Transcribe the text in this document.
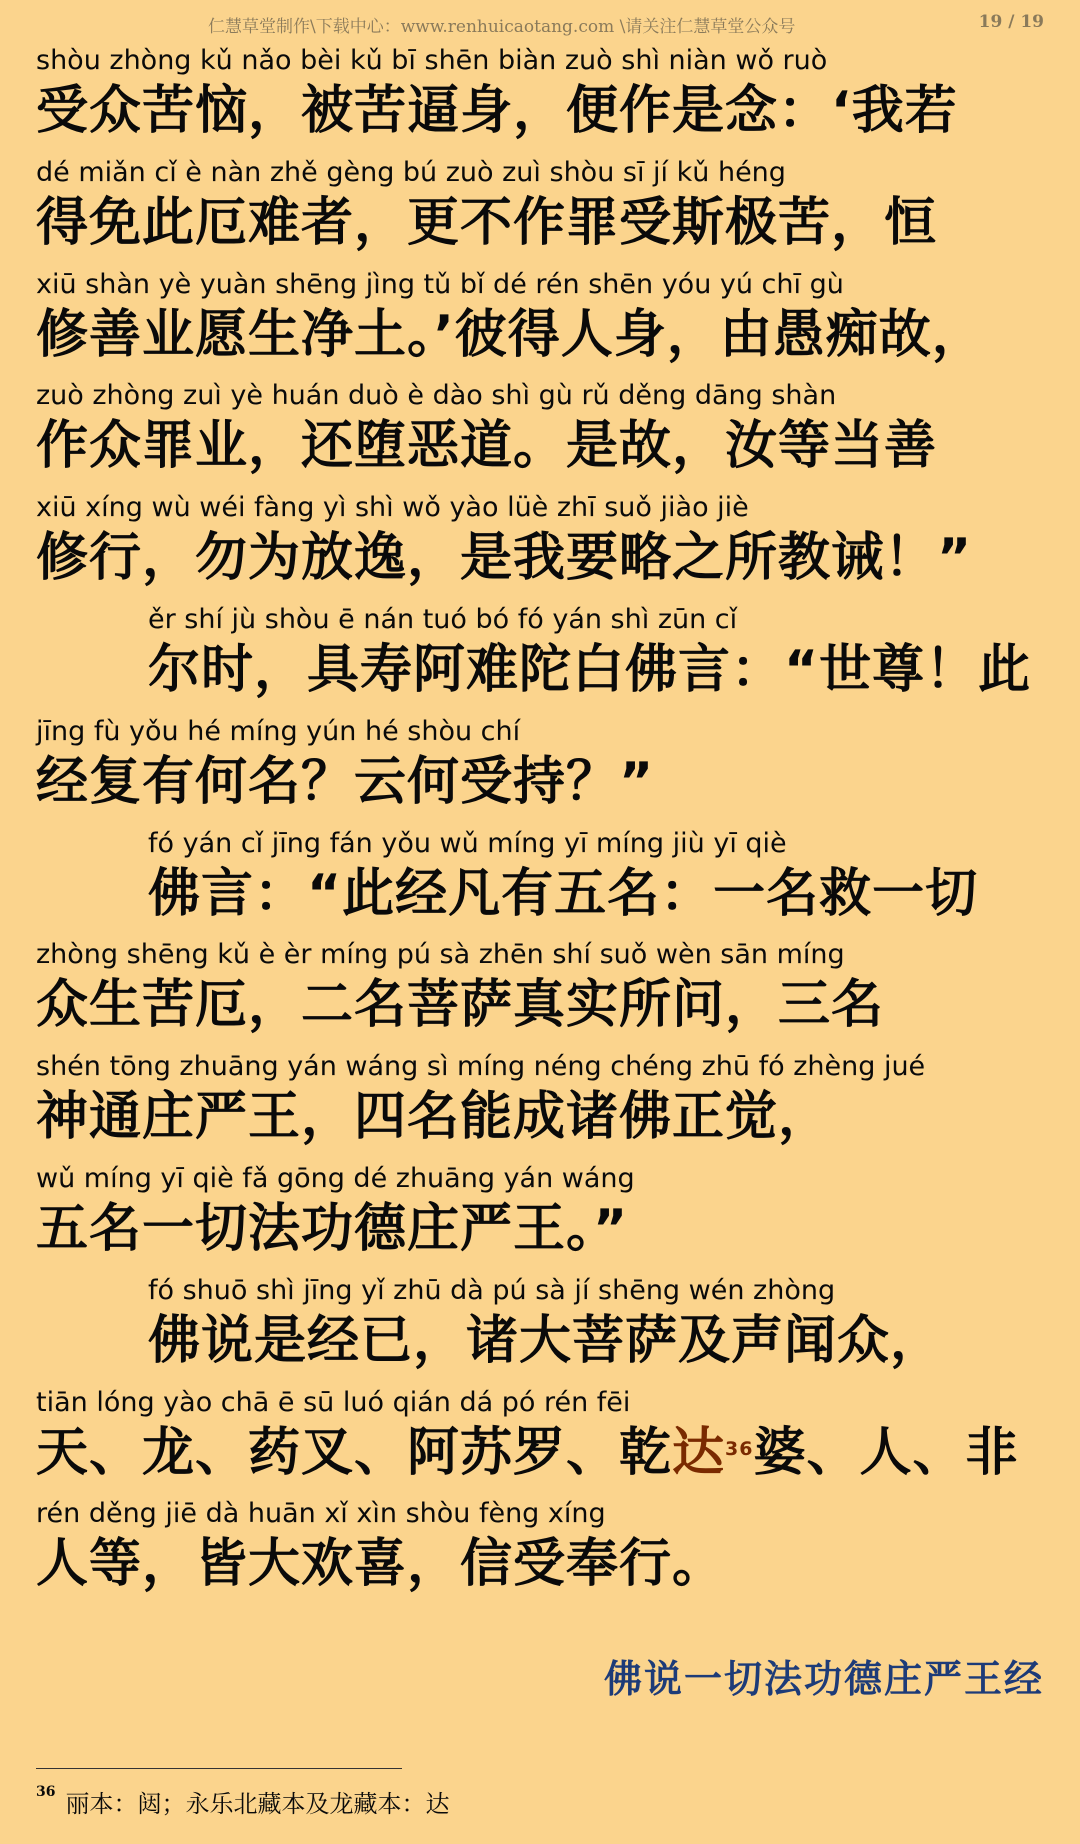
仁慧草堂制作\下载中心：www.renhuicaotang.com \请关注仁慧草堂公众号	19 / 19
shòu zhòng kǔ nǎo bèi kǔ bī shēn biàn zuò shì niàn wǒ ruò
受众苦恼，被苦逼身，便作是念：‘我若
dé miǎn cǐ è nàn zhě gèng bú zuò zuì shòu sī jí kǔ héng
得免此厄难者，更不作罪受斯极苦，恒
xiū shàn yè yuàn shēng jìng tǔ bǐ dé rén shēn yóu yú chī gù
修善业愿生净土。’彼得人身，由愚痴故，
zuò zhòng zuì yè huán duò è dào shì gù rǔ děng dāng shàn
作众罪业，还堕恶道。是故，汝等当善
xiū xíng wù wéi fàng yì shì wǒ yào lüè zhī suǒ jiào jiè
修行，勿为放逸，是我要略之所教诫！”
ěr shí jù shòu ē nán tuó bó fó yán shì zūn cǐ
尔时，具寿阿难陀白佛言：“世尊！此
jīng fù yǒu hé míng yún hé shòu chí
经复有何名？云何受持？”
fó yán cǐ jīng fán yǒu wǔ míng yī míng jiù yī qiè
佛言：“此经凡有五名：一名救一切
zhòng shēng kǔ è èr míng pú sà zhēn shí suǒ wèn sān míng
众生苦厄，二名菩萨真实所问，三名
shén tōng zhuāng yán wáng sì míng néng chéng zhū fó zhèng jué
神通庄严王，四名能成诸佛正觉，
wǔ míng yī qiè fǎ gōng dé zhuāng yán wáng
五名一切法功德庄严王。”
fó shuō shì jīng yǐ zhū dà pú sà jí shēng wén zhòng
佛说是经已，诸大菩萨及声闻众，
tiān lóng yào chā ē sū luó qián dá pó rén fēi
天、龙、药叉、阿苏罗、乾达$^{36}$婆、人、非
rén děng jiē dà huān xǐ xìn shòu fèng xíng
人等，皆大欢喜，信受奉行。
佛说一切法功德庄严王经
$^{36}$ 丽本：闼；永乐北藏本及龙藏本：达
